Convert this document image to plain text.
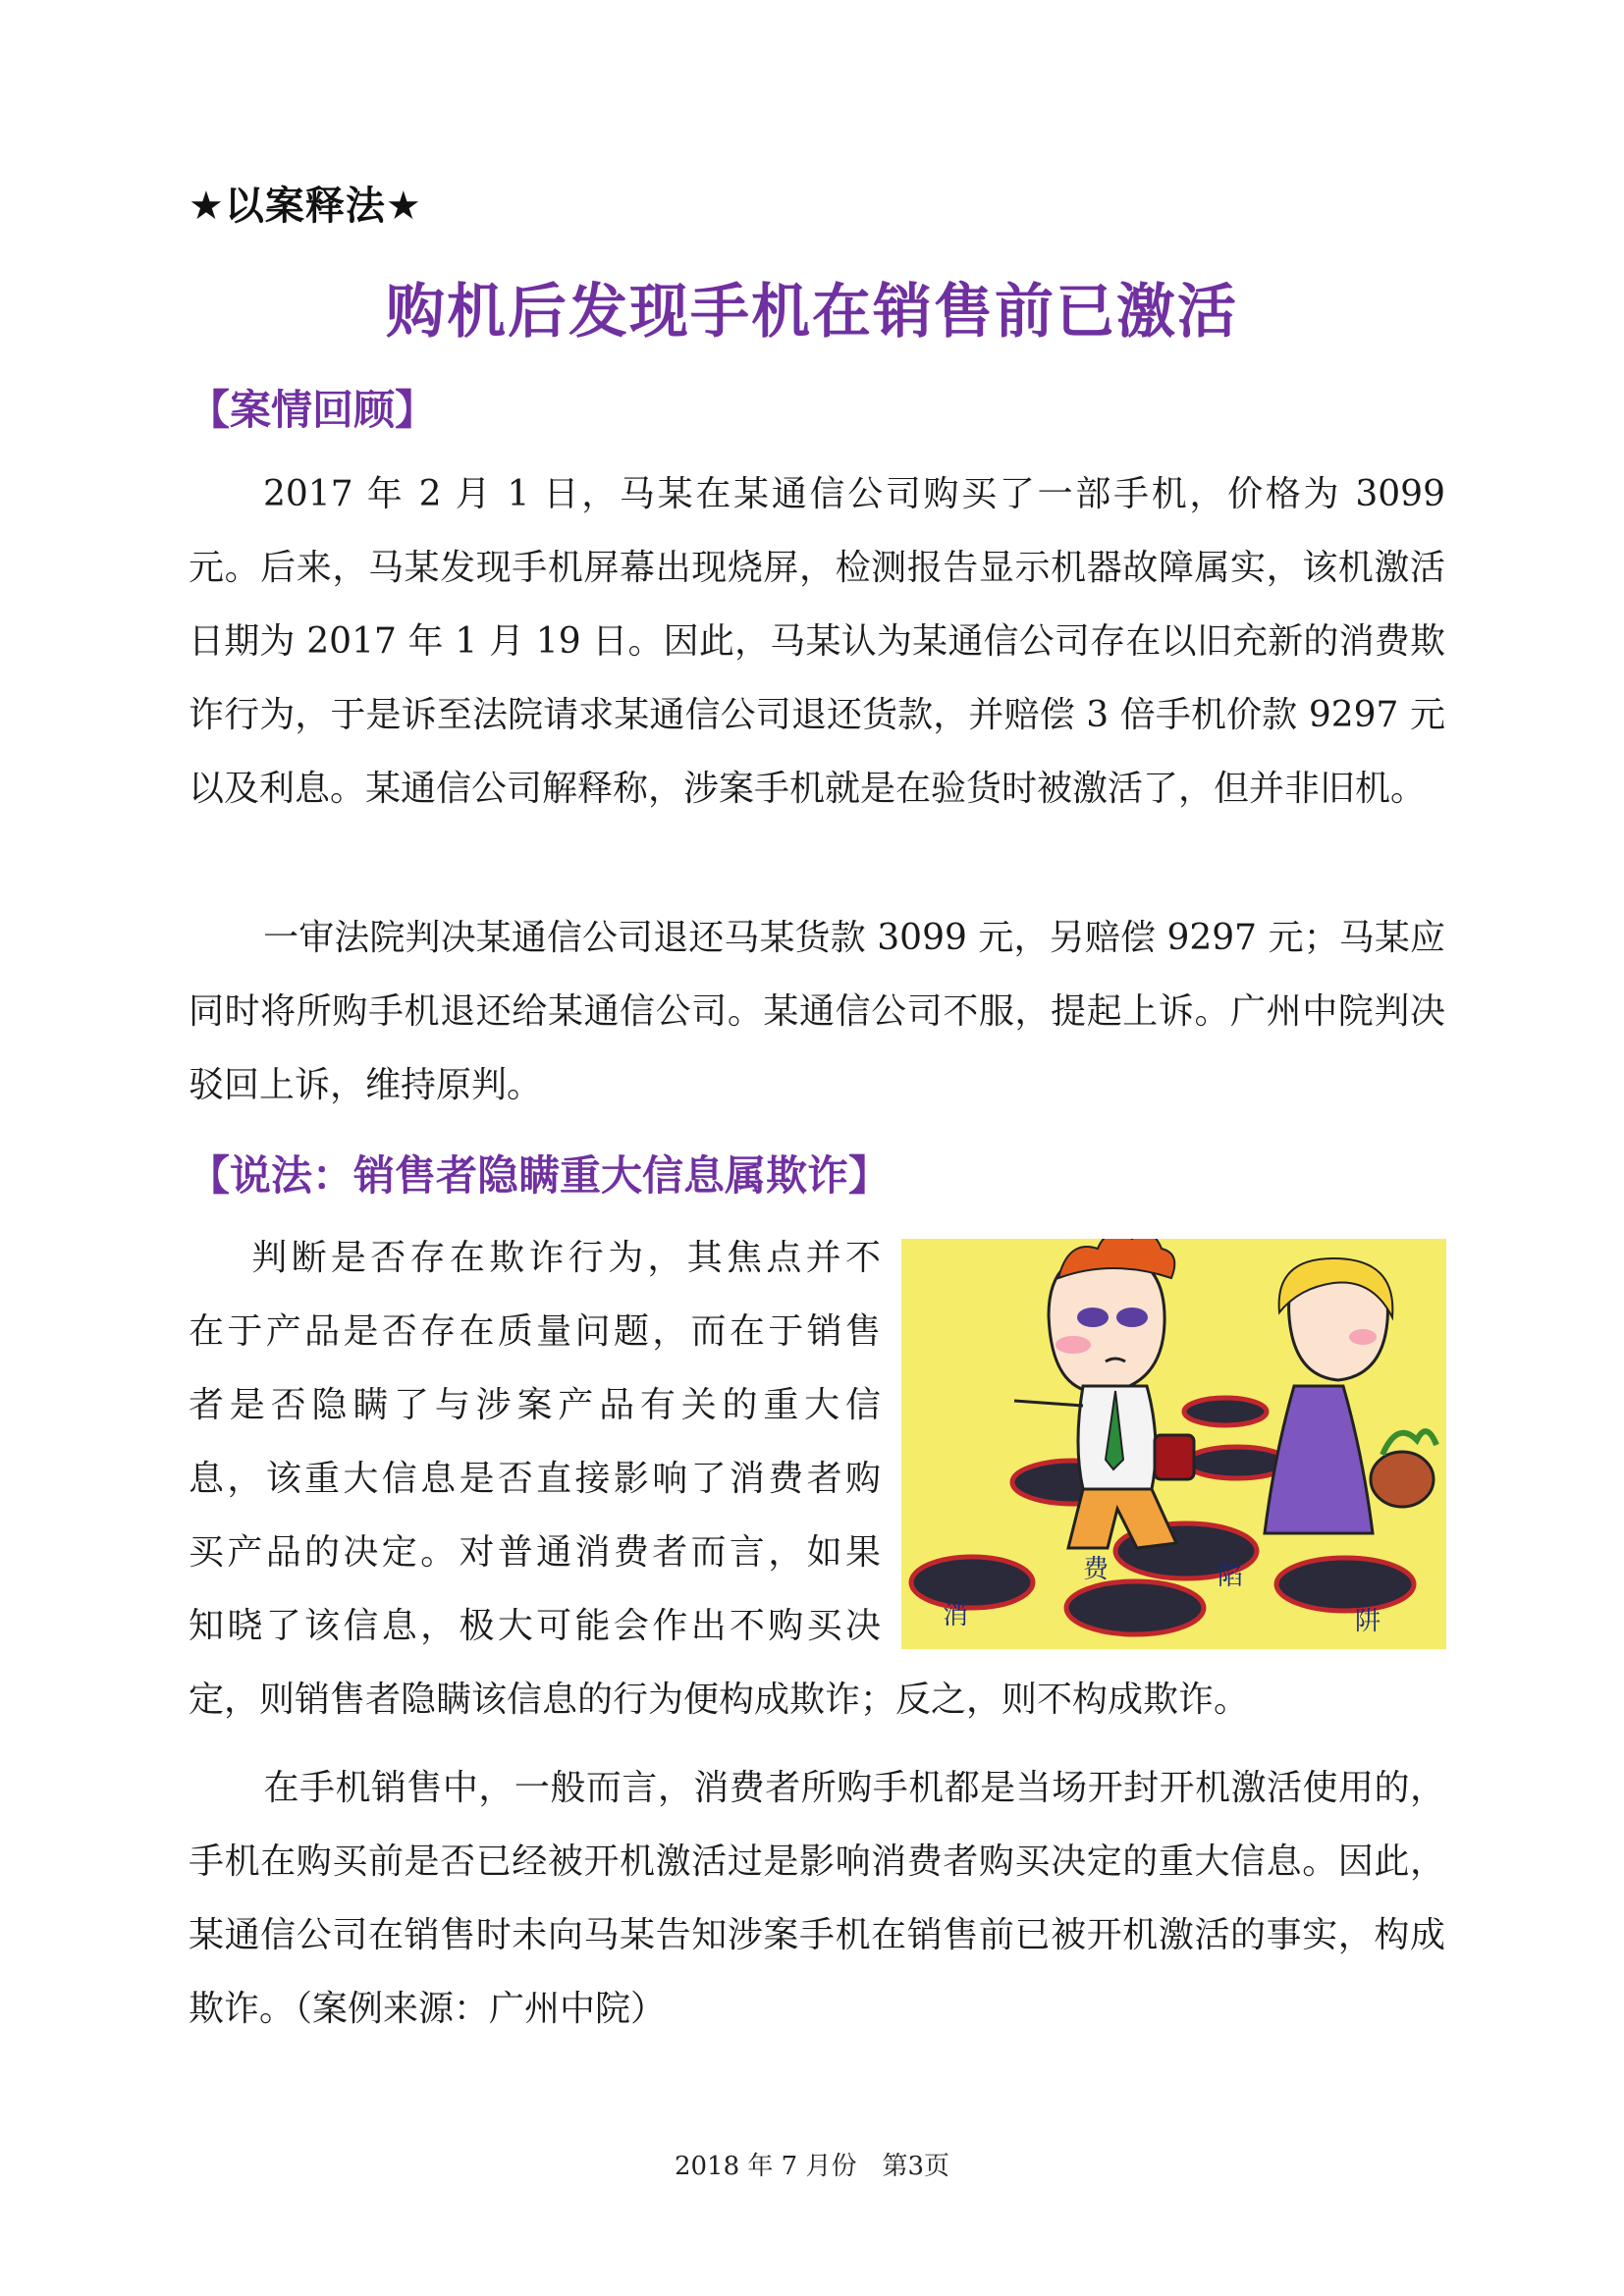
★以案释法★
购机后发现手机在销售前已激活
【案情回顾】

2017 年 2 月 1 日，马某在某通信公司购买了一部手机，价格为 3099 元。后来，马某发现手机屏幕出现烧屏，检测报告显示机器故障属实，该机激活日期为 2017 年 1 月 19 日。因此，马某认为某通信公司存在以旧充新的消费欺诈行为，于是诉至法院请求某通信公司退还货款，并赔偿 3 倍手机价款 9297 元以及利息。某通信公司解释称，涉案手机就是在验货时被激活了，但并非旧机。

一审法院判决某通信公司退还马某货款 3099 元，另赔偿 9297 元；马某应同时将所购手机退还给某通信公司。某通信公司不服，提起上诉。广州中院判决驳回上诉，维持原判。

【说法：销售者隐瞒重大信息属欺诈】
判断是否存在欺诈行为，其焦点并不
在于产品是否存在质量问题，而在于销售
者是否隐瞒了与涉案产品有关的重大信
息，该重大信息是否直接影响了消费者购
买产品的决定。对普通消费者而言，如果
知晓了该信息，极大可能会作出不购买决
定，则销售者隐瞒该信息的行为便构成欺诈；反之，则不构成欺诈。

在手机销售中，一般而言，消费者所购手机都是当场开封开机激活使用的，手机在购买前是否已经被开机激活过是影响消费者购买决定的重大信息。因此，某通信公司在销售时未向马某告知涉案手机在销售前已被开机激活的事实，构成欺诈。（案例来源：广州中院）

消
费	陷
阱
2018 年 7 月份　第3页
